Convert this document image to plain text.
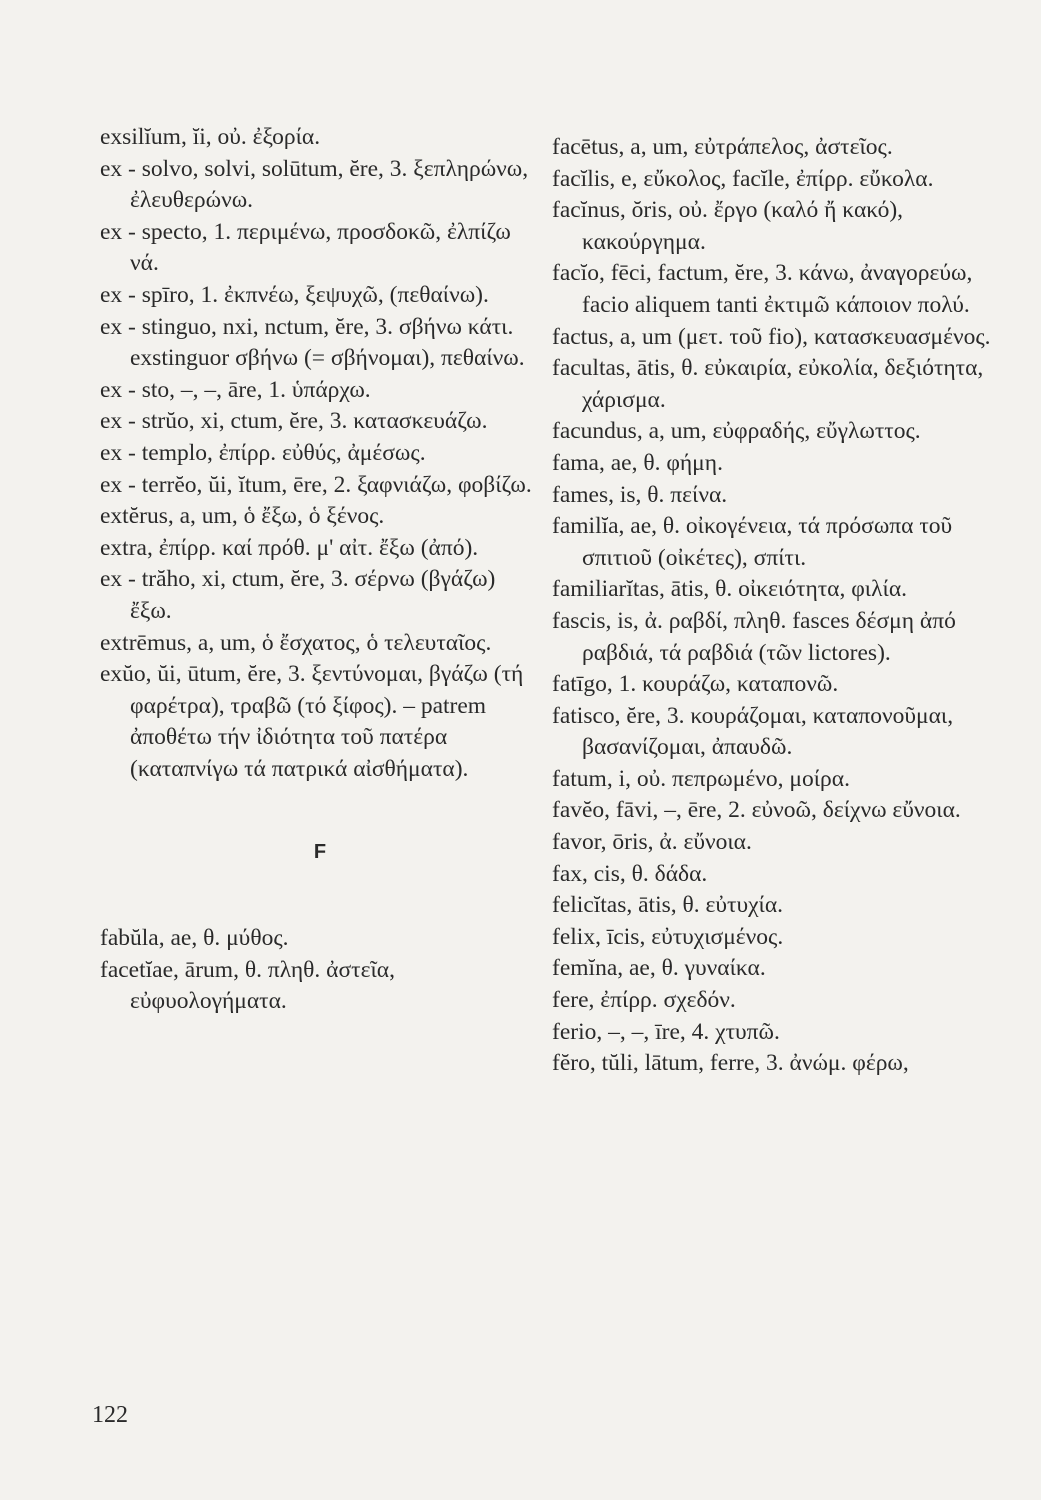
exsilĭum, ĭi, οὐ. ἐξορία.

ex - solvo, solvi, solūtum, ĕre, 3. ξεπληρώνω, ἐλευθερώνω.

ex - specto, 1. περιμένω, προσδοκῶ, ἐλπίζω νά.

ex - spīro, 1. ἐκπνέω, ξεψυχῶ, (πεθαίνω).

ex - stinguo, nxi, nctum, ĕre, 3. σβήνω κάτι. exstinguor σβήνω (= σβήνομαι), πεθαίνω.

ex - sto, –, –, āre, 1. ὑπάρχω.

ex - strŭo, xi, ctum, ĕre, 3. κατασκευάζω.

ex - templo, ἐπίρρ. εὐθύς, ἀμέσως.

ex - terrĕo, ŭi, ĭtum, ēre, 2. ξαφνιάζω, φοβίζω.

extĕrus, a, um, ὁ ἔξω, ὁ ξένος.

extra, ἐπίρρ. καί πρόθ. μ' αἰτ. ἔξω (ἀπό).

ex - trăho, xi, ctum, ĕre, 3. σέρνω (βγάζω) ἔξω.

extrēmus, a, um, ὁ ἔσχατος, ὁ τελευταῖος.

exŭo, ŭi, ūtum, ĕre, 3. ξεντύνομαι, βγάζω (τή φαρέτρα), τραβῶ (τό ξίφος). – patrem ἀποθέτω τήν ἰδιότητα τοῦ πατέρα (καταπνίγω τά πατρικά αἰσθήματα).

F

fabŭla, ae, θ. μύθος.

facetĭae, ārum, θ. πληθ. ἀστεῖα, εὐφυολογήματα.

facētus, a, um, εὐτράπελος, ἀστεῖος.

facĭlis, e, εὔκολος, facĭle, ἐπίρρ. εὔκολα.

facĭnus, ŏris, οὐ. ἔργο (καλό ἤ κακό), κακούργημα.

facĭo, fēci, factum, ĕre, 3. κάνω, ἀναγορεύω, facio aliquem tanti ἐκτιμῶ κάποιον πολύ.

factus, a, um (μετ. τοῦ fio), κατασκευασμένος.

facultas, ātis, θ. εὐκαιρία, εὐκολία, δεξιότητα, χάρισμα.

facundus, a, um, εὐφραδής, εὔγλωττος.

fama, ae, θ. φήμη.

fames, is, θ. πείνα.

familĭa, ae, θ. οἰκογένεια, τά πρόσωπα τοῦ σπιτιοῦ (οἰκέτες), σπίτι.

familiarĭtas, ātis, θ. οἰκειότητα, φιλία.

fascis, is, ἀ. ραβδί, πληθ. fasces δέσμη ἀπό ραβδιά, τά ραβδιά (τῶν lictores).

fatīgo, 1. κουράζω, καταπονῶ.

fatisco, ĕre, 3. κουράζομαι, καταπονοῦμαι, βασανίζομαι, ἀπαυδῶ.

fatum, i, οὐ. πεπρωμένο, μοίρα.

favĕo, fāvi, –, ēre, 2. εὐνοῶ, δείχνω εὔνοια.

favor, ōris, ἀ. εὔνοια.

fax, cis, θ. δάδα.

felicĭtas, ātis, θ. εὐτυχία.

felix, īcis, εὐτυχισμένος.

femĭna, ae, θ. γυναίκα.

fere, ἐπίρρ. σχεδόν.

ferio, –, –, īre, 4. χτυπῶ.

fĕro, tŭli, lātum, ferre, 3. ἀνώμ. φέρω,

122
